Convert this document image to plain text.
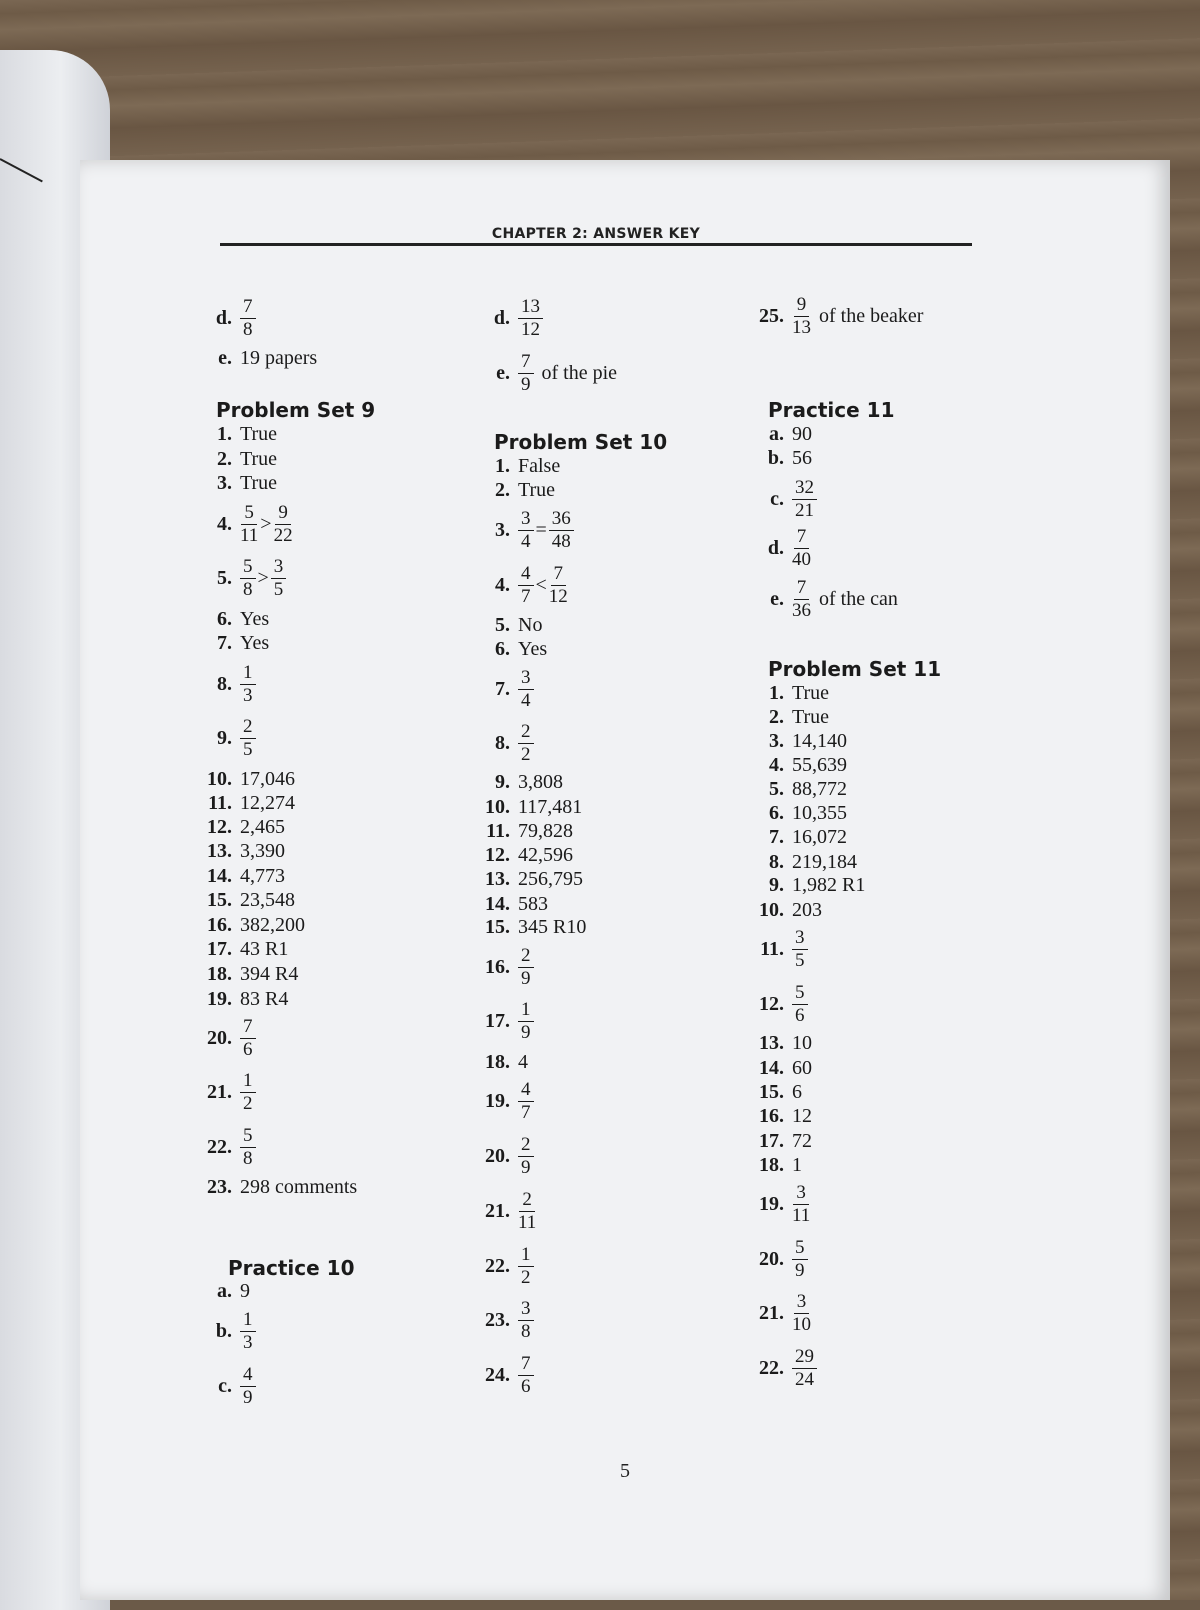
CHAPTER 2: ANSWER KEY
d. $\frac{7}{8}$
e. 19 papers
Problem Set 9
1. True
2. True
3. True
4. $\frac{5}{11} > \frac{9}{22}$
5. $\frac{5}{8} > \frac{3}{5}$
6. Yes
7. Yes
8. $\frac{1}{3}$
9. $\frac{2}{5}$
10. 17,046
11. 12,274
12. 2,465
13. 3,390
14. 4,773
15. 23,548
16. 382,200
17. 43 R1
18. 394 R4
19. 83 R4
20. $\frac{7}{6}$
21. $\frac{1}{2}$
22. $\frac{5}{8}$
23. 298 comments
Practice 10
a. 9
b. $\frac{1}{3}$
c. $\frac{4}{9}$
d. $\frac{13}{12}$
e. $\frac{7}{9}$ of the pie
Problem Set 10
1. False
2. True
3. $\frac{3}{4} = \frac{36}{48}$
4. $\frac{4}{7} < \frac{7}{12}$
5. No
6. Yes
7. $\frac{3}{4}$
8. $\frac{2}{2}$
9. 3,808
10. 117,481
11. 79,828
12. 42,596
13. 256,795
14. 583
15. 345 R10
16. $\frac{2}{9}$
17. $\frac{1}{9}$
18. 4
19. $\frac{4}{7}$
20. $\frac{2}{9}$
21. $\frac{2}{11}$
22. $\frac{1}{2}$
23. $\frac{3}{8}$
24. $\frac{7}{6}$
25. $\frac{9}{13}$ of the beaker
Practice 11
a. 90
b. 56
c. $\frac{32}{21}$
d. $\frac{7}{40}$
e. $\frac{7}{36}$ of the can
Problem Set 11
1. True
2. True
3. 14,140
4. 55,639
5. 88,772
6. 10,355
7. 16,072
8. 219,184
9. 1,982 R1
10. 203
11. $\frac{3}{5}$
12. $\frac{5}{6}$
13. 10
14. 60
15. 6
16. 12
17. 72
18. 1
19. $\frac{3}{11}$
20. $\frac{5}{9}$
21. $\frac{3}{10}$
22. $\frac{29}{24}$
5
